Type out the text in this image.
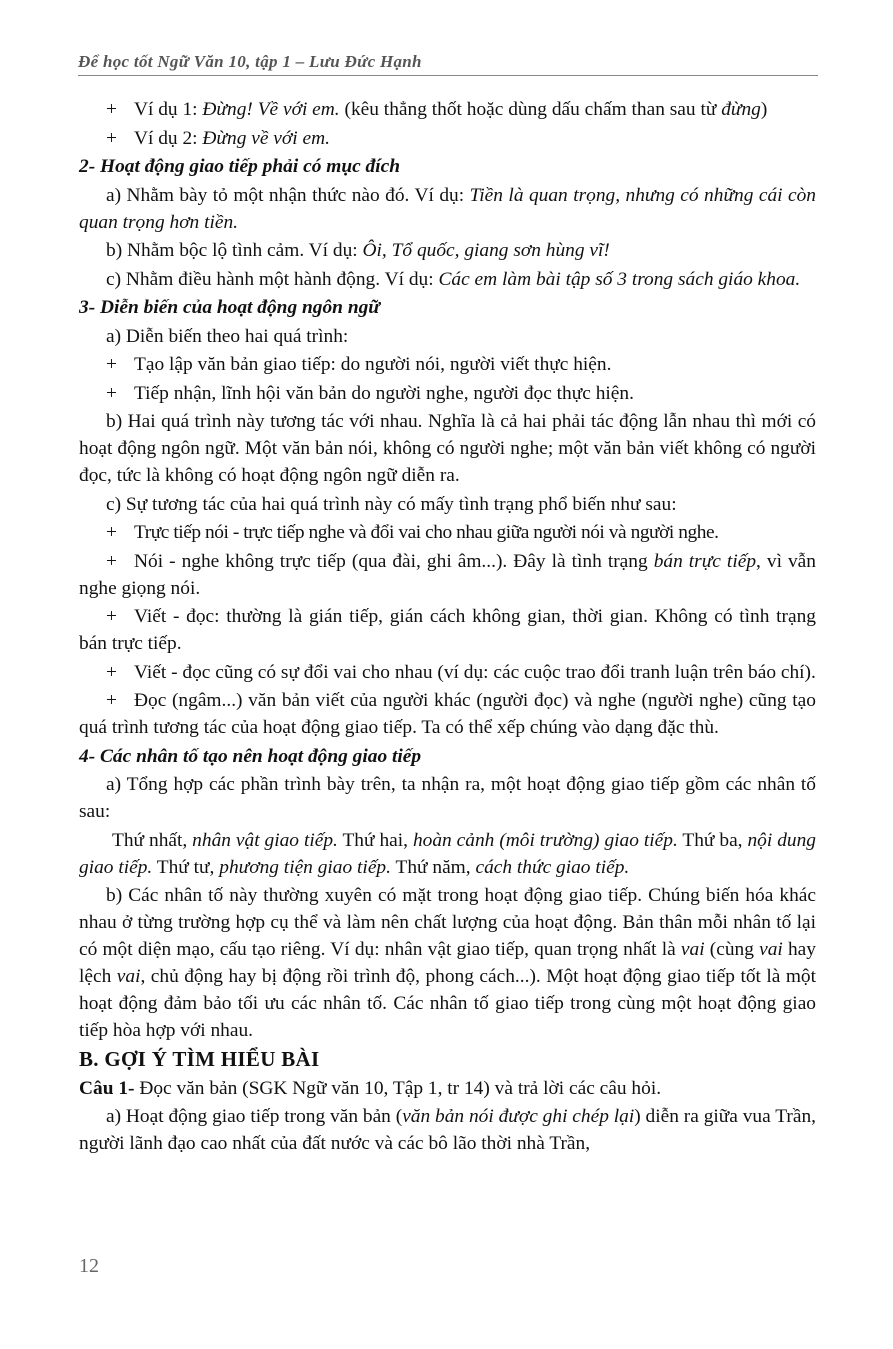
Để học tốt Ngữ Văn 10, tập 1 – Lưu Đức Hạnh

+ Ví dụ 1: Đừng! Về với em. (kêu thẳng thốt hoặc dùng dấu chấm than sau từ đừng)

+ Ví dụ 2: Đừng về với em.

2- Hoạt động giao tiếp phải có mục đích

a) Nhằm bày tỏ một nhận thức nào đó. Ví dụ: Tiền là quan trọng, nhưng có những cái còn quan trọng hơn tiền.

b) Nhằm bộc lộ tình cảm. Ví dụ: Ôi, Tổ quốc, giang sơn hùng vĩ!

c) Nhằm điều hành một hành động. Ví dụ: Các em làm bài tập số 3 trong sách giáo khoa.

3- Diễn biến của hoạt động ngôn ngữ

a) Diễn biến theo hai quá trình:

+ Tạo lập văn bản giao tiếp: do người nói, người viết thực hiện.

+ Tiếp nhận, lĩnh hội văn bản do người nghe, người đọc thực hiện.

b) Hai quá trình này tương tác với nhau. Nghĩa là cả hai phải tác động lẫn nhau thì mới có hoạt động ngôn ngữ. Một văn bản nói, không có người nghe; một văn bản viết không có người đọc, tức là không có hoạt động ngôn ngữ diễn ra.

c) Sự tương tác của hai quá trình này có mấy tình trạng phổ biến như sau:

+ Trực tiếp nói - trực tiếp nghe và đổi vai cho nhau giữa người nói và người nghe.

+ Nói - nghe không trực tiếp (qua đài, ghi âm...). Đây là tình trạng bán trực tiếp, vì vẫn nghe giọng nói.

+ Viết - đọc: thường là gián tiếp, gián cách không gian, thời gian. Không có tình trạng bán trực tiếp.

+ Viết - đọc cũng có sự đổi vai cho nhau (ví dụ: các cuộc trao đổi tranh luận trên báo chí).

+ Đọc (ngâm...) văn bản viết của người khác (người đọc) và nghe (người nghe) cũng tạo quá trình tương tác của hoạt động giao tiếp. Ta có thể xếp chúng vào dạng đặc thù.

4- Các nhân tố tạo nên hoạt động giao tiếp

a) Tổng hợp các phần trình bày trên, ta nhận ra, một hoạt động giao tiếp gồm các nhân tố sau:

Thứ nhất, nhân vật giao tiếp. Thứ hai, hoàn cảnh (môi trường) giao tiếp. Thứ ba, nội dung giao tiếp. Thứ tư, phương tiện giao tiếp. Thứ năm, cách thức giao tiếp.

b) Các nhân tố này thường xuyên có mặt trong hoạt động giao tiếp. Chúng biến hóa khác nhau ở từng trường hợp cụ thể và làm nên chất lượng của hoạt động. Bản thân mỗi nhân tố lại có một diện mạo, cấu tạo riêng. Ví dụ: nhân vật giao tiếp, quan trọng nhất là vai (cùng vai hay lệch vai, chủ động hay bị động rồi trình độ, phong cách...). Một hoạt động giao tiếp tốt là một hoạt động đảm bảo tối ưu các nhân tố. Các nhân tố giao tiếp trong cùng một hoạt động giao tiếp hòa hợp với nhau.

B. GỢI Ý TÌM HIỂU BÀI

Câu 1- Đọc văn bản (SGK Ngữ văn 10, Tập 1, tr 14) và trả lời các câu hỏi.

a) Hoạt động giao tiếp trong văn bản (văn bản nói được ghi chép lại) diễn ra giữa vua Trần, người lãnh đạo cao nhất của đất nước và các bô lão thời nhà Trần,

12
